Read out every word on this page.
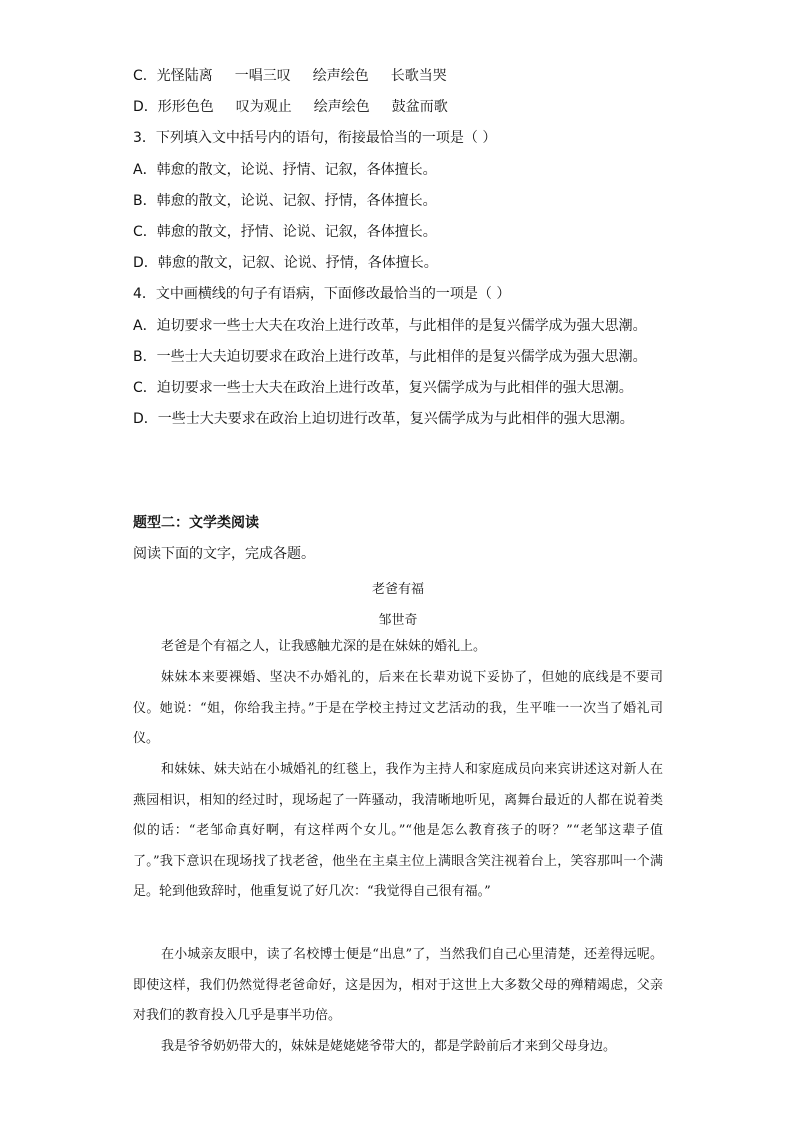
C．光怪陆离 一唱三叹 绘声绘色 长歌当哭
D．形形色色 叹为观止 绘声绘色 鼓盆而歌
3．下列填入文中括号内的语句，衔接最恰当的一项是（ ）
A．韩愈的散文，论说、抒情、记叙，各体擅长。
B．韩愈的散文，论说、记叙、抒情，各体擅长。
C．韩愈的散文，抒情、论说、记叙，各体擅长。
D．韩愈的散文，记叙、论说、抒情，各体擅长。
4．文中画横线的句子有语病，下面修改最恰当的一项是（ ）
A．迫切要求一些士大夫在攻治上进行改革，与此相伴的是复兴儒学成为强大思潮。
B．一些士大夫迫切要求在政治上进行改革，与此相伴的是复兴儒学成为强大思潮。
C．迫切要求一些士大夫在政治上进行改革，复兴儒学成为与此相伴的强大思潮。
D．一些士大夫要求在政治上迫切进行改革，复兴儒学成为与此相伴的强大思潮。
题型二：文学类阅读
阅读下面的文字，完成各题。
老爸有福
邹世奇

老爸是个有福之人，让我感触尤深的是在妹妹的婚礼上。

妹妹本来要裸婚、坚决不办婚礼的，后来在长辈劝说下妥协了，但她的底线是不要司仪。她说：“姐，你给我主持。”于是在学校主持过文艺活动的我，生平唯一一次当了婚礼司仪。

和妹妹、妹夫站在小城婚礼的红毯上，我作为主持人和家庭成员向来宾讲述这对新人在燕园相识，相知的经过时，现场起了一阵骚动，我清晰地听见，离舞台最近的人都在说着类似的话：“老邹命真好啊，有这样两个女儿。”“他是怎么教育孩子的呀？”“老邹这辈子值了。”我下意识在现场找了找老爸，他坐在主桌主位上满眼含笑注视着台上，笑容那叫一个满足。轮到他致辞时，他重复说了好几次：“我觉得自己很有福。”

在小城亲友眼中，读了名校博士便是“出息”了，当然我们自己心里清楚，还差得远呢。即使这样，我们仍然觉得老爸命好，这是因为，相对于这世上大多数父母的殚精竭虑，父亲对我们的教育投入几乎是事半功倍。

我是爷爷奶奶带大的，妹妹是姥姥姥爷带大的，都是学龄前后才来到父母身边。
